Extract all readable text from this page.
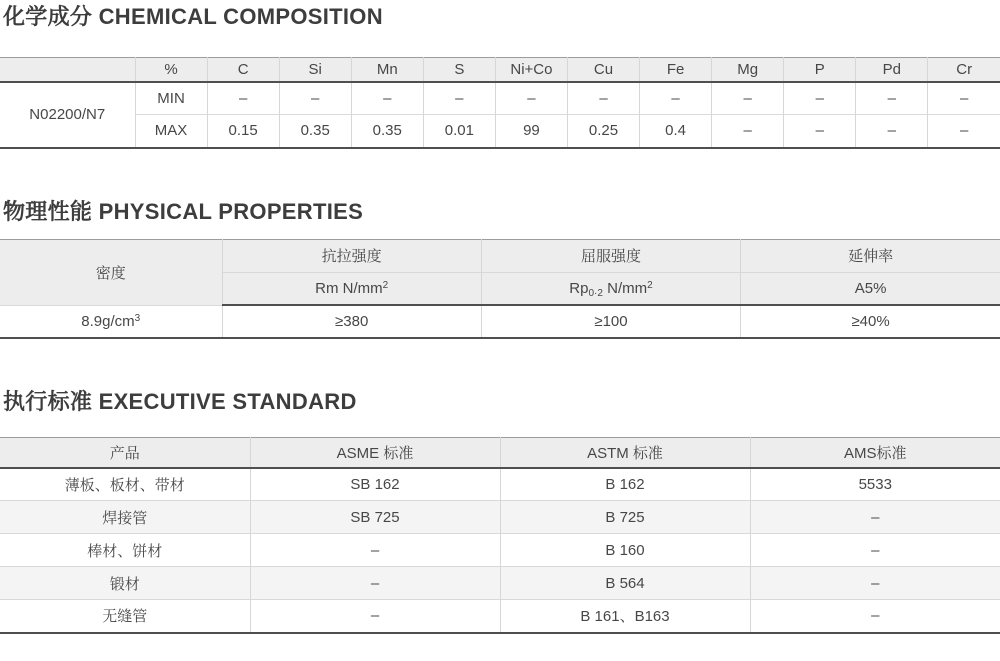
化学成分 CHEMICAL COMPOSITION
	%	C	Si	Mn	S	Ni+Co	Cu	Fe	Mg	P	Pd	Cr
N02200/N7	MIN	–	–	–	–	–	–	–	–	–	–	–
	MAX	0.15	0.35	0.35	0.01	99	0.25	0.4	–	–	–	–
物理性能 PHYSICAL PROPERTIES
密度	抗拉强度	屈服强度	延伸率
	Rm $N/mm^2$	$Rp_{0\cdot 2}$ $N/mm^2$	A5%
$8.9g/cm^3$	≥380	≥100	≥40%
执行标准 EXECUTIVE STANDARD
产品	ASME 标准	ASTM 标准	AMS标准
薄板、板材、带材	SB 162	B 162	5533
焊接管	SB 725	B 725	–
棒材、饼材	–	B 160	–
锻材	–	B 564	–
无缝管	–	B 161、B163	–
